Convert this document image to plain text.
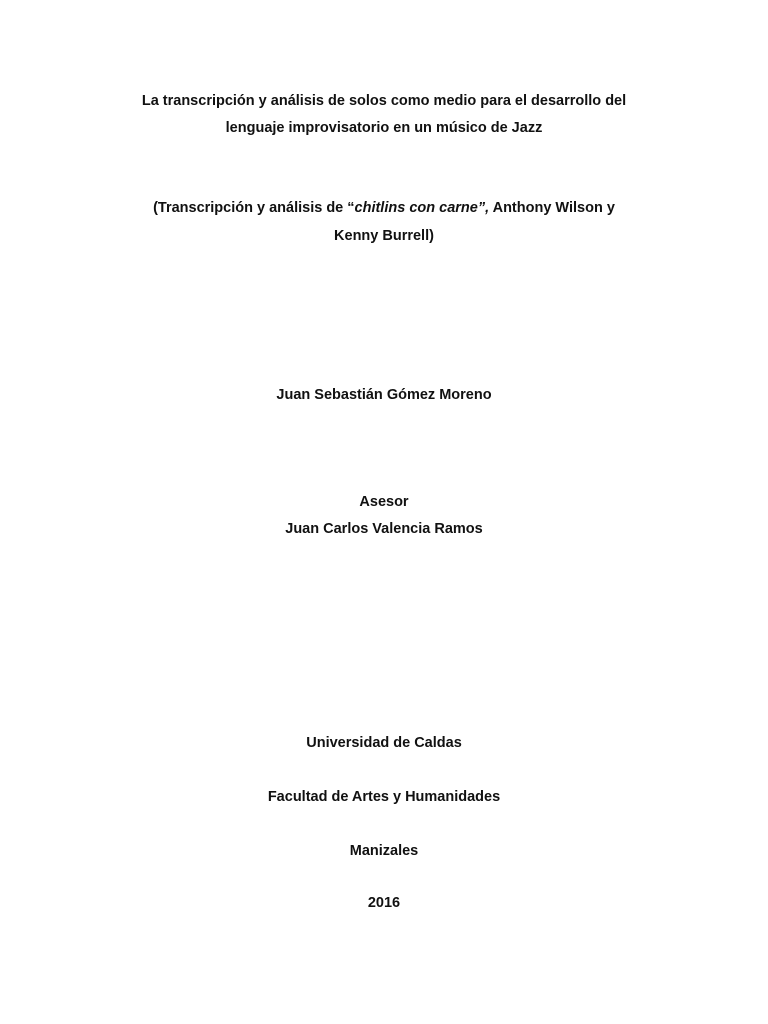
La transcripción y análisis de solos como medio para el desarrollo del
lenguaje improvisatorio en un músico de Jazz
(Transcripción y análisis de “chitlins con carne”, Anthony Wilson y
Kenny Burrell)
Juan Sebastián Gómez Moreno
Asesor
Juan Carlos Valencia Ramos
Universidad de Caldas
Facultad de Artes y Humanidades
Manizales
2016
